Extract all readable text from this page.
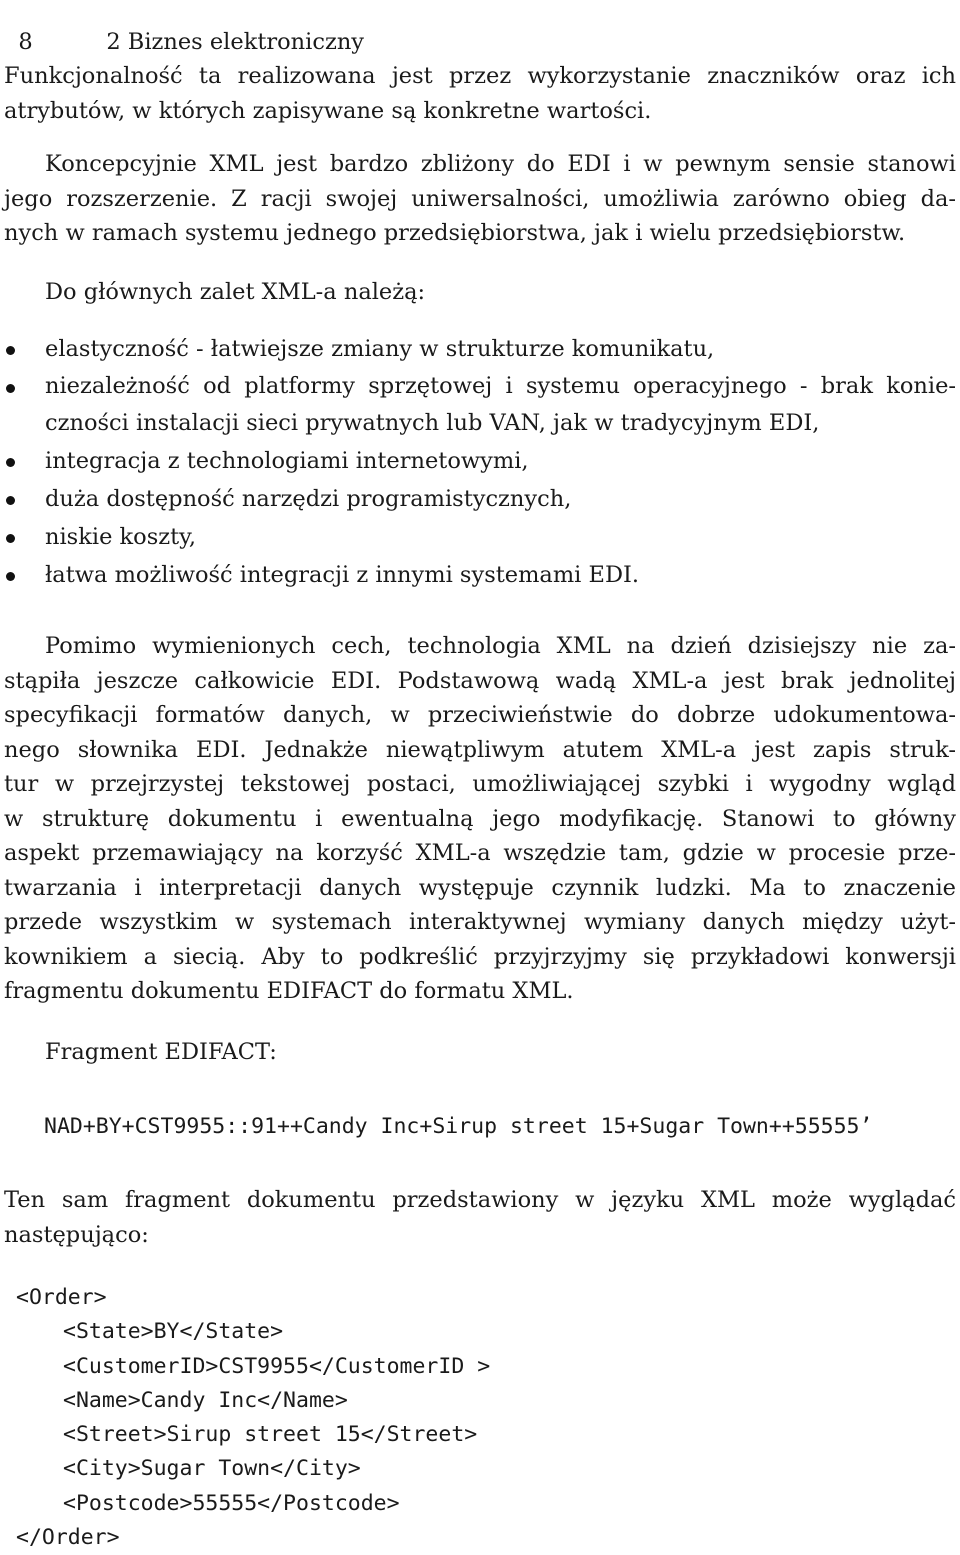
8	2 Biznes elektroniczny

Funkcjonalność ta realizowana jest przez wykorzystanie znaczników oraz ich
atrybutów, w których zapisywane są konkretne wartości.
Koncepcyjnie XML jest bardzo zbliżony do EDI i w pewnym sensie stanowi
jego rozszerzenie. Z racji swojej uniwersalności, umożliwia zarówno obieg da-
nych w ramach systemu jednego przedsiębiorstwa, jak i wielu przedsiębiorstw.
Do głównych zalet XML-a należą:
elastyczność - łatwiejsze zmiany w strukturze komunikatu,
niezależność od platformy sprzętowej i systemu operacyjnego - brak konie-
czności instalacji sieci prywatnych lub VAN, jak w tradycyjnym EDI,
integracja z technologiami internetowymi,
duża dostępność narzędzi programistycznych,
niskie koszty,
łatwa możliwość integracji z innymi systemami EDI.
Pomimo wymienionych cech, technologia XML na dzień dzisiejszy nie za-
stąpiła jeszcze całkowicie EDI. Podstawową wadą XML-a jest brak jednolitej
specyfikacji formatów danych, w przeciwieństwie do dobrze udokumentowa-
nego słownika EDI. Jednakże niewątpliwym atutem XML-a jest zapis struk-
tur w przejrzystej tekstowej postaci, umożliwiającej szybki i wygodny wgląd
w strukturę dokumentu i ewentualną jego modyfikację. Stanowi to główny
aspekt przemawiający na korzyść XML-a wszędzie tam, gdzie w procesie prze-
twarzania i interpretacji danych występuje czynnik ludzki. Ma to znaczenie
przede wszystkim w systemach interaktywnej wymiany danych między użyt-
kownikiem a siecią. Aby to podkreślić przyjrzyjmy się przykładowi konwersji
fragmentu dokumentu EDIFACT do formatu XML.
Fragment EDIFACT:
NAD+BY+CST9955::91++Candy Inc+Sirup street 15+Sugar Town++55555’
Ten sam fragment dokumentu przedstawiony w języku XML może wyglądać
następująco:
<Order>
<State>BY</State>
<CustomerID>CST9955</CustomerID >
<Name>Candy Inc</Name>
<Street>Sirup street 15</Street>
<City>Sugar Town</City>
<Postcode>55555</Postcode>
</Order>
